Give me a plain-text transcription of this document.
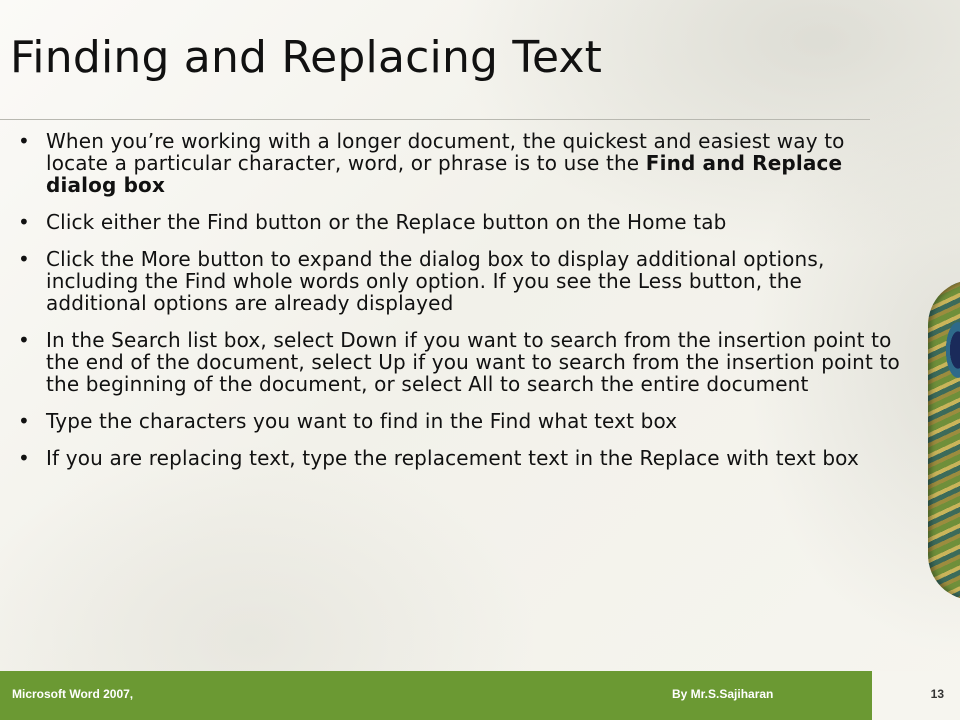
Finding and Replacing Text
• When you’re working with a longer document, the quickest and easiest way to locate a particular character, word, or phrase is to use the Find and Replace dialog box
• Click either the Find button or the Replace button on the Home tab
• Click the More button to expand the dialog box to display additional options, including the Find whole words only option. If you see the Less button, the additional options are already displayed
• In the Search list box, select Down if you want to search from the insertion point to the end of the document, select Up if you want to search from the insertion point to the beginning of the document, or select All to search the entire document
• Type the characters you want to find in the Find what text box
• If you are replacing text, type the replacement text in the Replace with text box
Microsoft Word 2007,	By Mr.S.Sajiharan	13
